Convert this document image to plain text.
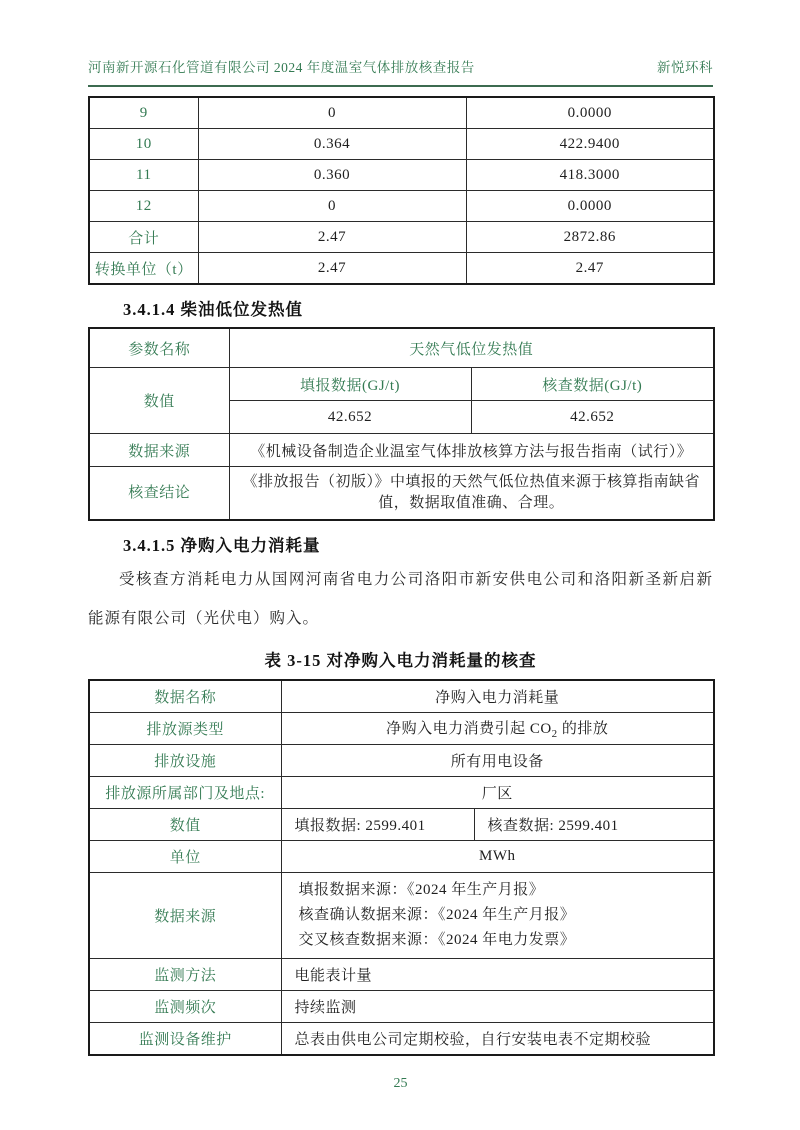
河南新开源石化管道有限公司 2024 年度温室气体排放核查报告	新悦环科
9	0	0.0000
10	0.364	422.9400
11	0.360	418.3000
12	0	0.0000
合计	2.47	2872.86
转换单位（t）	2.47	2.47
3.4.1.4 柴油低位发热值
参数名称	天然气低位发热值	
数值	填报数据(GJ/t)	核查数据(GJ/t)
	42.652	42.652
数据来源	《机械设备制造企业温室气体排放核算方法与报告指南（试行）》	
核查结论	《排放报告（初版）》中填报的天然气低位热值来源于核算指南缺省值，数据取值准确、合理。	
3.4.1.5 净购入电力消耗量
受核查方消耗电力从国网河南省电力公司洛阳市新安供电公司和洛阳新圣新启新
能源有限公司（光伏电）购入。
表 3-15 对净购入电力消耗量的核查
数据名称	净购入电力消耗量	
排放源类型	净购入电力消费引起 $CO_2$ 的排放	
排放设施	所有用电设备	
排放源所属部门及地点:	厂区	
数值	填报数据: 2599.401	核查数据: 2599.401
单位	MWh	
数据来源	填报数据来源：《2024 年生产月报》
核查确认数据来源：《2024 年生产月报》
交叉核查数据来源：《2024 年电力发票》	

监测方法	电能表计量	
监测频次	持续监测	
监测设备维护	总表由供电公司定期校验，自行安装电表不定期校验	
25
